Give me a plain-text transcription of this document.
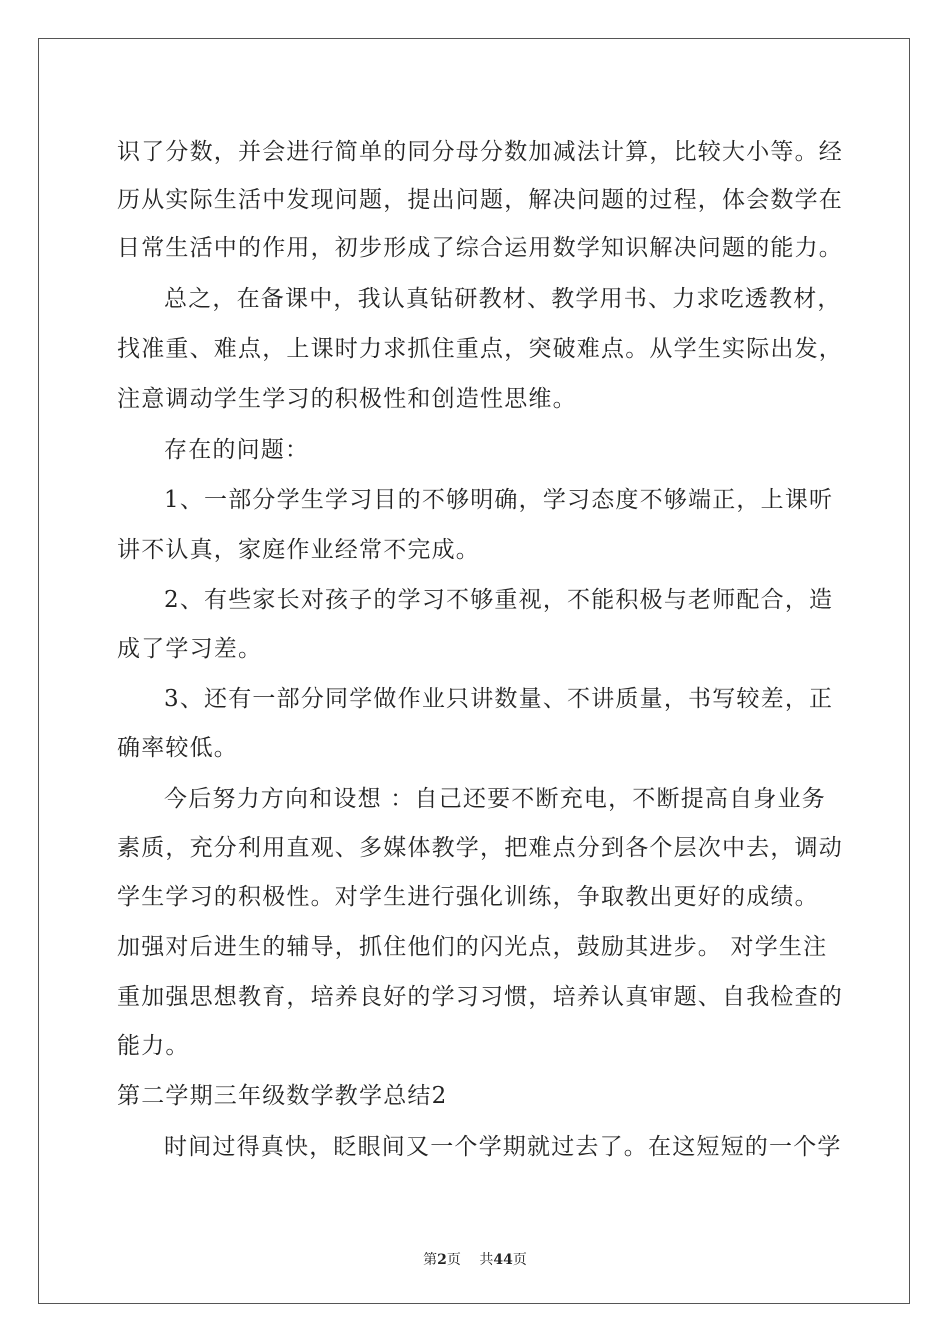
识了分数，并会进行简单的同分母分数加减法计算，比较大小等。经
历从实际生活中发现问题，提出问题，解决问题的过程，体会数学在
日常生活中的作用，初步形成了综合运用数学知识解决问题的能力。
总之，在备课中，我认真钻研教材、教学用书、力求吃透教材，
找准重、难点，上课时力求抓住重点，突破难点。从学生实际出发，
注意调动学生学习的积极性和创造性思维。
存在的问题：
1、一部分学生学习目的不够明确，学习态度不够端正，上课听
讲不认真，家庭作业经常不完成。
2、有些家长对孩子的学习不够重视，不能积极与老师配合，造
成了学习差。
3、还有一部分同学做作业只讲数量、不讲质量，书写较差，正
确率较低。
今后努力方向和设想 ：自己还要不断充电，不断提高自身业务
素质，充分利用直观、多媒体教学，把难点分到各个层次中去，调动
学生学习的积极性。对学生进行强化训练，争取教出更好的成绩。
加强对后进生的辅导，抓住他们的闪光点，鼓励其进步。 对学生注
重加强思想教育，培养良好的学习习惯，培养认真审题、自我检查的
能力。
第二学期三年级数学教学总结2
时间过得真快，眨眼间又一个学期就过去了。在这短短的一个学
第2页　 共44页
